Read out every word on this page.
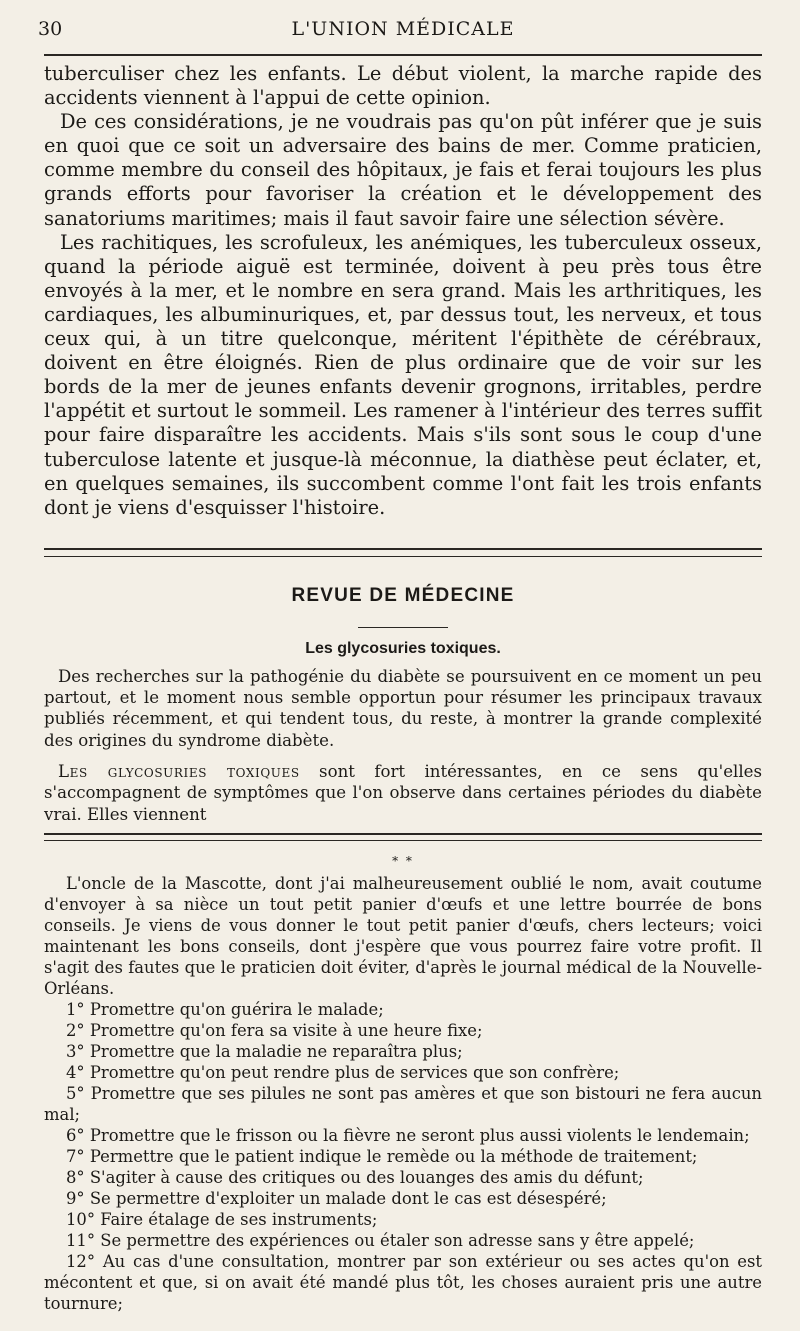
30	L'UNION MÉDICALE

tuberculiser chez les enfants. Le début violent, la marche rapide des accidents viennent à l'appui de cette opinion.

De ces considérations, je ne voudrais pas qu'on pût inférer que je suis en quoi que ce soit un adversaire des bains de mer. Comme praticien, comme membre du conseil des hôpitaux, je fais et ferai toujours les plus grands efforts pour favoriser la création et le développement des sanatoriums maritimes; mais il faut savoir faire une sélection sévère.

Les rachitiques, les scrofuleux, les anémiques, les tuberculeux osseux, quand la période aiguë est terminée, doivent à peu près tous être envoyés à la mer, et le nombre en sera grand. Mais les arthritiques, les cardiaques, les albuminuriques, et, par dessus tout, les nerveux, et tous ceux qui, à un titre quelconque, méritent l'épithète de cérébraux, doivent en être éloignés. Rien de plus ordinaire que de voir sur les bords de la mer de jeunes enfants devenir grognons, irritables, perdre l'appétit et surtout le sommeil. Les ramener à l'intérieur des terres suffit pour faire disparaître les accidents. Mais s'ils sont sous le coup d'une tuberculose latente et jusque-là méconnue, la diathèse peut éclater, et, en quelques semaines, ils succombent comme l'ont fait les trois enfants dont je viens d'esquisser l'histoire.

REVUE DE MÉDECINE
Les glycosuries toxiques.

Des recherches sur la pathogénie du diabète se poursuivent en ce moment un peu partout, et le moment nous semble opportun pour résumer les principaux travaux publiés récemment, et qui tendent tous, du reste, à montrer la grande complexité des origines du syndrome diabète.

Les glycosuries toxiques sont fort intéressantes, en ce sens qu'elles s'accompagnent de symptômes que l'on observe dans certaines périodes du diabète vrai. Elles viennent

* *

L'oncle de la Mascotte, dont j'ai malheureusement oublié le nom, avait coutume d'envoyer à sa nièce un tout petit panier d'œufs et une lettre bourrée de bons conseils. Je viens de vous donner le tout petit panier d'œufs, chers lecteurs; voici maintenant les bons conseils, dont j'espère que vous pourrez faire votre profit. Il s'agit des fautes que le praticien doit éviter, d'après le journal médical de la Nouvelle-Orléans.

1° Promettre qu'on guérira le malade;
2° Promettre qu'on fera sa visite à une heure fixe;
3° Promettre que la maladie ne reparaîtra plus;
4° Promettre qu'on peut rendre plus de services que son confrère;
5° Promettre que ses pilules ne sont pas amères et que son bistouri ne fera aucun mal;
6° Promettre que le frisson ou la fièvre ne seront plus aussi violents le lendemain;
7° Permettre que le patient indique le remède ou la méthode de traitement;
8° S'agiter à cause des critiques ou des louanges des amis du défunt;
9° Se permettre d'exploiter un malade dont le cas est désespéré;
10° Faire étalage de ses instruments;
11° Se permettre des expériences ou étaler son adresse sans y être appelé;
12° Au cas d'une consultation, montrer par son extérieur ou ses actes qu'on est mécontent et que, si on avait été mandé plus tôt, les choses auraient pris une autre tournure;
